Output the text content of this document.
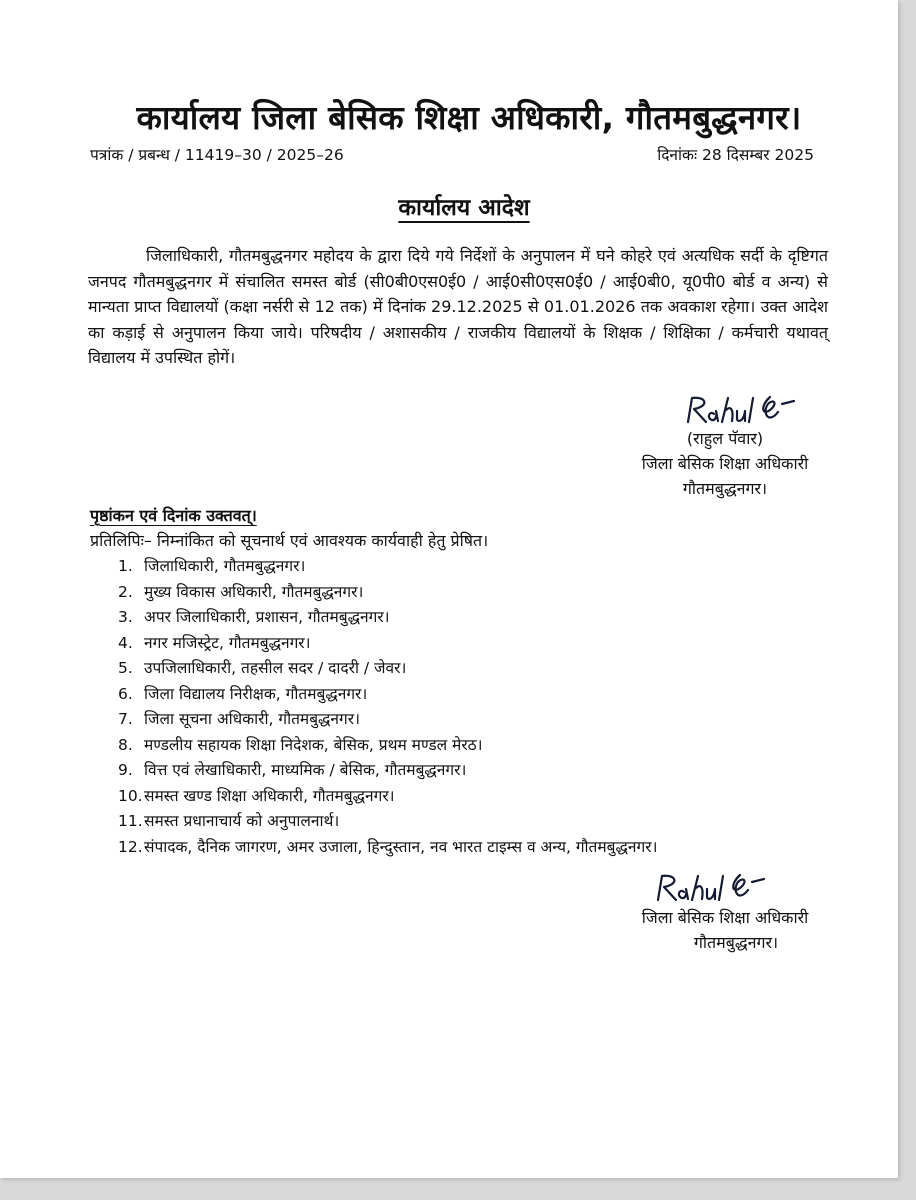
कार्यालय जिला बेसिक शिक्षा अधिकारी, गौतमबुद्धनगर।
पत्रांक / प्रबन्ध / 11419–30 / 2025–26	दिनांकः 28 दिसम्बर 2025
कार्यालय आदेश

जिलाधिकारी, गौतमबुद्धनगर महोदय के द्वारा दिये गये निर्देशों के अनुपालन में घने कोहरे एवं अत्यधिक सर्दी के दृष्टिगत जनपद गौतमबुद्धनगर में संचालित समस्त बोर्ड (सी0बी0एस0ई0 / आई0सी0एस0ई0 / आई0बी0, यू0पी0 बोर्ड व अन्य) से मान्यता प्राप्त विद्यालयों (कक्षा नर्सरी से 12 तक) में दिनांक 29.12.2025 से 01.01.2026 तक अवकाश रहेगा। उक्त आदेश का कड़ाई से अनुपालन किया जाये। परिषदीय / अशासकीय / राजकीय विद्यालयों के शिक्षक / शिक्षिका / कर्मचारी यथावत् विद्यालय में उपस्थित होगें।

(राहुल पॅवार)
जिला बेसिक शिक्षा अधिकारी
गौतमबुद्धनगर।
पृष्ठांकन एवं दिनांक उक्तवत्।
प्रतिलिपिः– निम्नांकित को सूचनार्थ एवं आवश्यक कार्यवाही हेतु प्रेषित।
1. जिलाधिकारी, गौतमबुद्धनगर।
2. मुख्य विकास अधिकारी, गौतमबुद्धनगर।
3. अपर जिलाधिकारी, प्रशासन, गौतमबुद्धनगर।
4. नगर मजिस्ट्रेट, गौतमबुद्धनगर।
5. उपजिलाधिकारी, तहसील सदर / दादरी / जेवर।
6. जिला विद्यालय निरीक्षक, गौतमबुद्धनगर।
7. जिला सूचना अधिकारी, गौतमबुद्धनगर।
8. मण्डलीय सहायक शिक्षा निदेशक, बेसिक, प्रथम मण्डल मेरठ।
9. वित्त एवं लेखाधिकारी, माध्यमिक / बेसिक, गौतमबुद्धनगर।
10.समस्त खण्ड शिक्षा अधिकारी, गौतमबुद्धनगर।
11.समस्त प्रधानाचार्य को अनुपालनार्थ।
12.संपादक, दैनिक जागरण, अमर उजाला, हिन्दुस्तान, नव भारत टाइम्स व अन्य, गौतमबुद्धनगर।
जिला बेसिक शिक्षा अधिकारी
गौतमबुद्धनगर।
